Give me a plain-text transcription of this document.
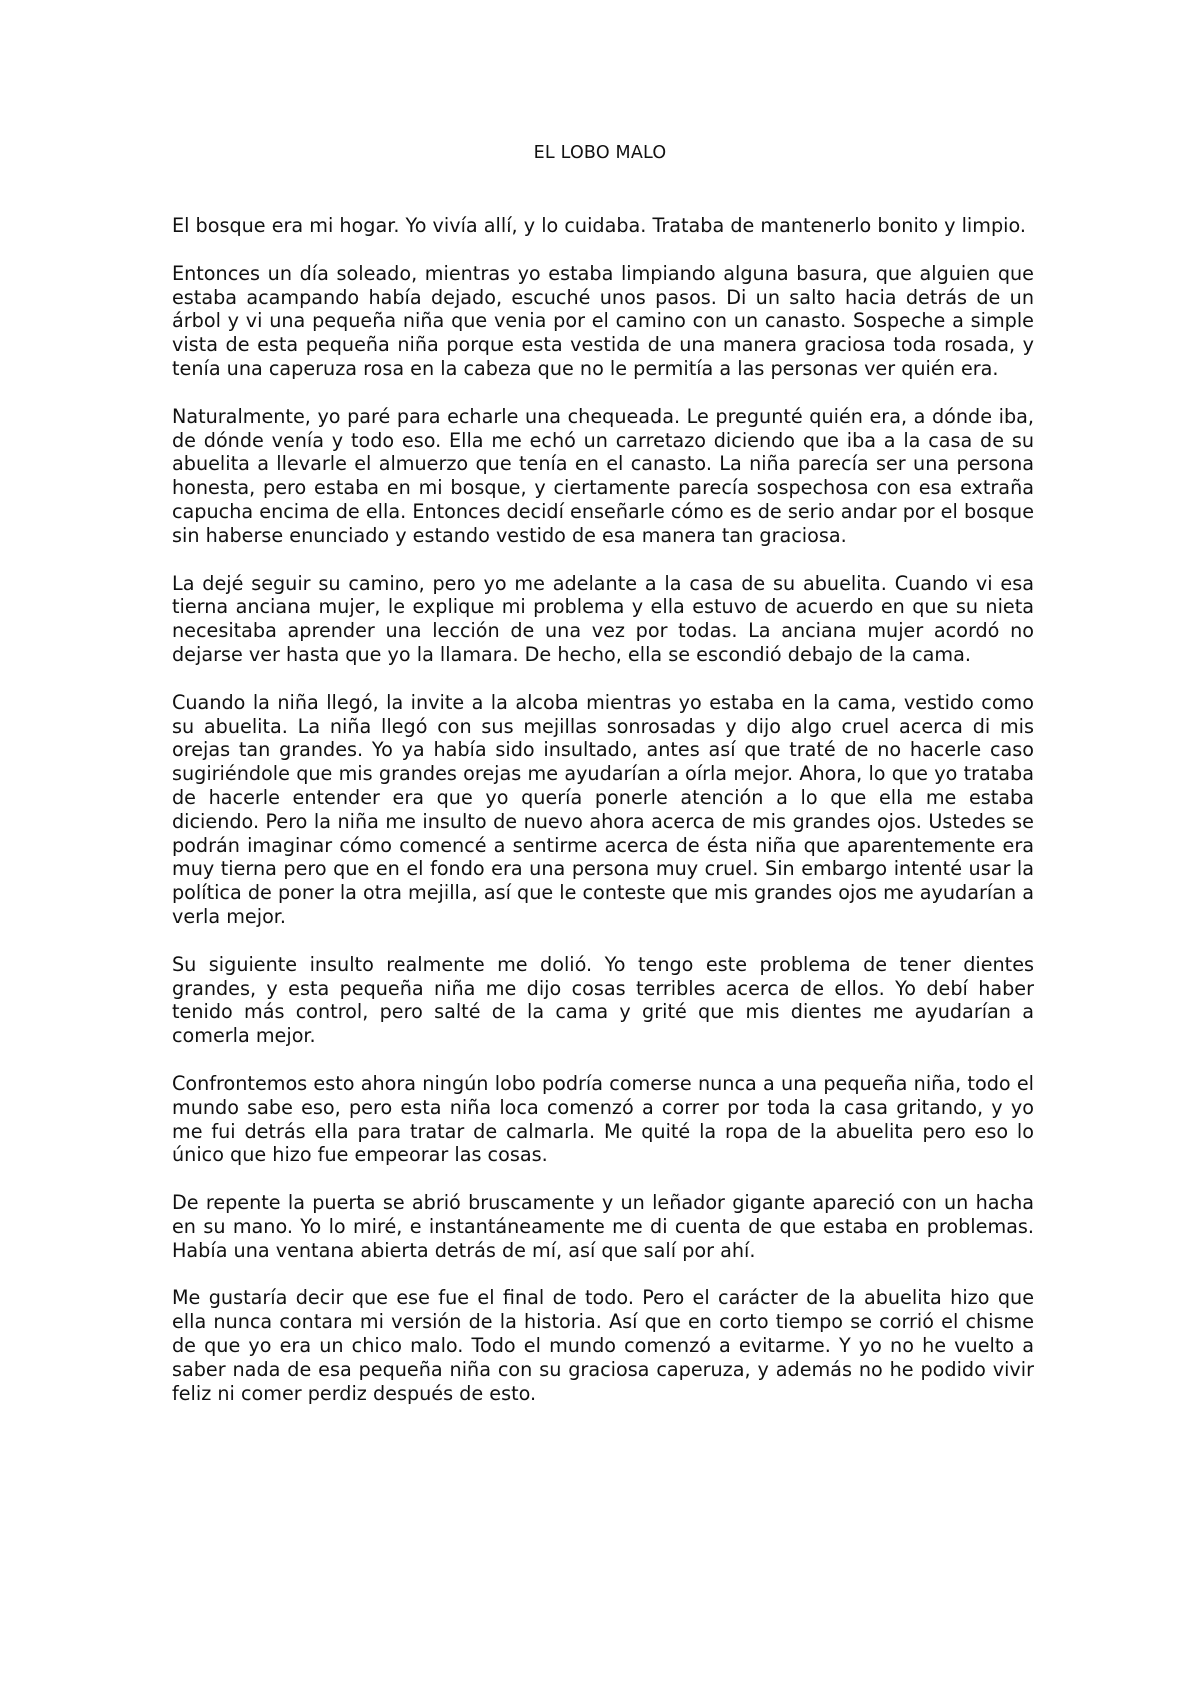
EL LOBO MALO

El bosque era mi hogar. Yo vivía allí, y lo cuidaba. Trataba de mantenerlo bonito y limpio.

Entonces un día soleado, mientras yo estaba limpiando alguna basura, que alguien que estaba acampando había dejado, escuché unos pasos. Di un salto hacia detrás de un árbol y vi una pequeña niña que venia por el camino con un canasto. Sospeche a simple vista de esta pequeña niña porque esta vestida de una manera graciosa toda rosada, y tenía una caperuza rosa en la cabeza que no le permitía a las personas ver quién era.

Naturalmente, yo paré para echarle una chequeada. Le pregunté quién era, a dónde iba, de dónde venía y todo eso. Ella me echó un carretazo diciendo que iba a la casa de su abuelita a llevarle el almuerzo que tenía en el canasto. La niña parecía ser una persona honesta, pero estaba en mi bosque, y ciertamente parecía sospechosa con esa extraña capucha encima de ella. Entonces decidí enseñarle cómo es de serio andar por el bosque sin haberse enunciado y estando vestido de esa manera tan graciosa.

La dejé seguir su camino, pero yo me adelante a la casa de su abuelita. Cuando vi esa tierna anciana mujer, le explique mi problema y ella estuvo de acuerdo en que su nieta necesitaba aprender una lección de una vez por todas. La anciana mujer acordó no dejarse ver hasta que yo la llamara. De hecho, ella se escondió debajo de la cama.

Cuando la niña llegó, la invite a la alcoba mientras yo estaba en la cama, vestido como su abuelita. La niña llegó con sus mejillas sonrosadas y dijo algo cruel acerca di mis orejas tan grandes. Yo ya había sido insultado, antes así que traté de no hacerle caso sugiriéndole que mis grandes orejas me ayudarían a oírla mejor. Ahora, lo que yo trataba de hacerle entender era que yo quería ponerle atención a lo que ella me estaba diciendo. Pero la niña me insulto de nuevo ahora acerca de mis grandes ojos. Ustedes se podrán imaginar cómo comencé a sentirme acerca de ésta niña que aparentemente era muy tierna pero que en el fondo era una persona muy cruel. Sin embargo intenté usar la política de poner la otra mejilla, así que le conteste que mis grandes ojos me ayudarían a verla mejor.

Su siguiente insulto realmente me dolió. Yo tengo este problema de tener dientes grandes, y esta pequeña niña me dijo cosas terribles acerca de ellos. Yo debí haber tenido más control, pero salté de la cama y grité que mis dientes me ayudarían a comerla mejor.

Confrontemos esto ahora ningún lobo podría comerse nunca a una pequeña niña, todo el mundo sabe eso, pero esta niña loca comenzó a correr por toda la casa gritando, y yo me fui detrás ella para tratar de calmarla. Me quité la ropa de la abuelita pero eso lo único que hizo fue empeorar las cosas.

De repente la puerta se abrió bruscamente y un leñador gigante apareció con un hacha en su mano. Yo lo miré, e instantáneamente me di cuenta de que estaba en problemas. Había una ventana abierta detrás de mí, así que salí por ahí.

Me gustaría decir que ese fue el final de todo. Pero el carácter de la abuelita hizo que ella nunca contara mi versión de la historia. Así que en corto tiempo se corrió el chisme de que yo era un chico malo. Todo el mundo comenzó a evitarme. Y yo no he vuelto a saber nada de esa pequeña niña con su graciosa caperuza, y además no he podido vivir feliz ni comer perdiz después de esto.
